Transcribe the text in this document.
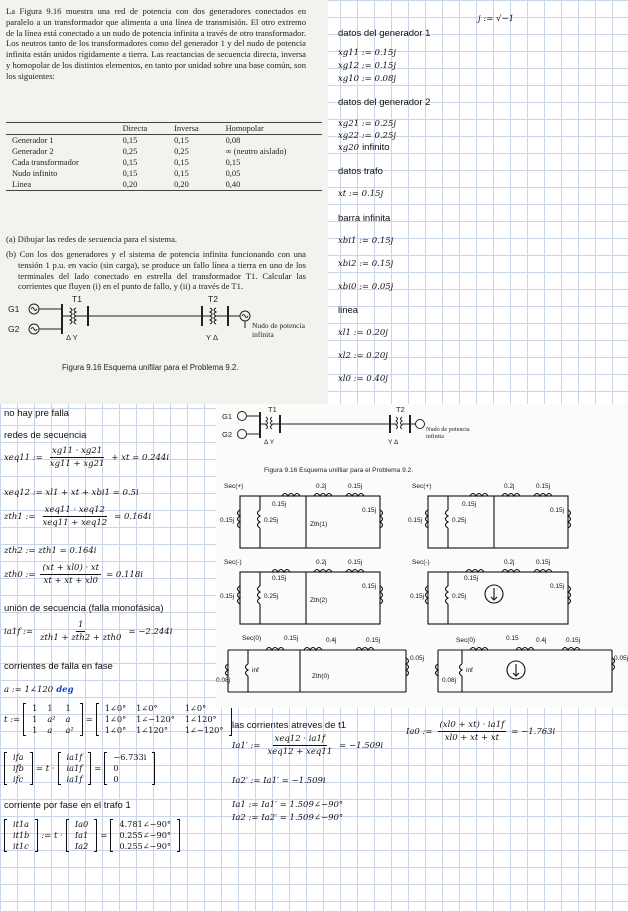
La Figura 9.16 muestra una red de potencia con dos generadores conectados en paralelo a un transformador que alimenta a una línea de transmisión. El otro extremo de la línea está conectado a un nudo de potencia infinita a través de otro transformador. Los neutros tanto de los transformadores como del generador 1 y del nudo de potencia infinita están unidos rígidamente a tierra. Las reactancias de secuencia directa, inversa y homopolar de los distintos elementos, en tanto por unidad sobre una base común, son los siguientes:

	Directa	Inversa	Homopolar
Generador 1	0,15	0,15	0,08
Generador 2	0,25	0,25	∞ (neutro aislado)
Cada transformador	0,15	0,15	0,15
Nudo infinito	0,15	0,15	0,05
Línea	0,20	0,20	0,40

(a) Dibujar las redes de secuencia para el sistema.

(b) Con los dos generadores y el sistema de potencia infinita funcionando con una tensión 1 p.u. en vacío (sin carga), se produce un fallo línea a tierra en uno de los terminales del lado conectado en estrella del transformador T1. Calcular las corrientes que fluyen (i) en el punto de fallo, y (ii) a través de T1.

G1
G2
T1	T2
Δ Y	Y Δ
Nudo de potencia infinita
Figura 9.16 Esquema unifilar para el Problema 9.2.
j := √−1
datos del generador 1
xg11 := 0.15j
xg12 := 0.15j
xg10 := 0.08j
datos del generador 2
xg21 := 0.25j
xg22 := 0.25j
xg20 infinito
datos trafo
xt := 0.15j
barra infinita
xbi1 := 0.15j
xbi2 := 0.15j
xbi0 := 0.05j
linea
xl1 := 0.20j
xl2 := 0.20j
xl0 := 0.40j
no hay pre falla
redes de secuencia
xeq11 := $\frac{xg11 \cdot xg21}{xg11 + xg21}$ + xt = 0.244i
xeq12 := xl1 + xt + xbi1 = 0.5i
zth1 := $\frac{\text{xeq11 · xeq12}}{\text{xeq11 + xeq12}} = 0.164i$
zth2 := zth1 = 0.164i
zth0 := $\frac{(xt + xl0) \cdot xt}{xt + xt + xl0} = 0.118i$
unión de secuencia (falla monofásica)
ia1f := $\frac{1}{\text{zth1 + zth2 + zth0}} = -2.244i$
corrientes de falla en fase
a := 1∠120 deg
t :=
1	1	1
1	a²	a
1	a	a²
=
1∠0°	1∠0°	1∠0°
1∠0°	1∠−120°	1∠120°
1∠0°	1∠120°	1∠−120°
ifa
ifb
ifc
= t ·
ia1f
ia1f
ia1f
=
−6.733i
0
0
corriente por fase en el trafo 1
it1a
it1b
it1c
:= t ·
Ia0
Ia1
Ia2
=
4.781∠−90°
0.255∠−90°
0.255∠−90°
G1
G2
T1	T2
Δ Y	Y Δ
Nudo de potencia infinita
Figura 9.16 Esquema unifilar para el Problema 9.2.
Sec(+)
0.15j
0.2j	0.15j
0.15j	0.25j
0.15j
Zth(1)
Sec(+)
0.15j
0.2j	0.15j
0.15j	0.25j
0.15j
Sec(-)
0.15j
0.2j	0.15j
0.15j	0.25j
0.15j
Zth(2)
Sec(-)
0.15j
0.2j	0.15j
0.15j	0.25j
0.15j
Sec(0)	0.15j	0.4j	0.15j
0.05j
0.08j
inf
Zth(0)
Sec(0)	0.15	0.4j	0.15j
0.05j
0.08j
inf
las corrientes atreves de t1
Ia1′ := $\frac{\text{xeq12 · ia1f}}{\text{xeq12 + xeq11}} = -1.509i$
Ia0 := $\frac{(xl0 + xt) \cdot ia1f}{xl0 + xt + xt} = -1.763i$
Ia2′ := Ia1′ = −1.509i
Ia1 := Ia1′ = 1.509∠−90°
Ia2 := Ia2′ = 1.509∠−90°
